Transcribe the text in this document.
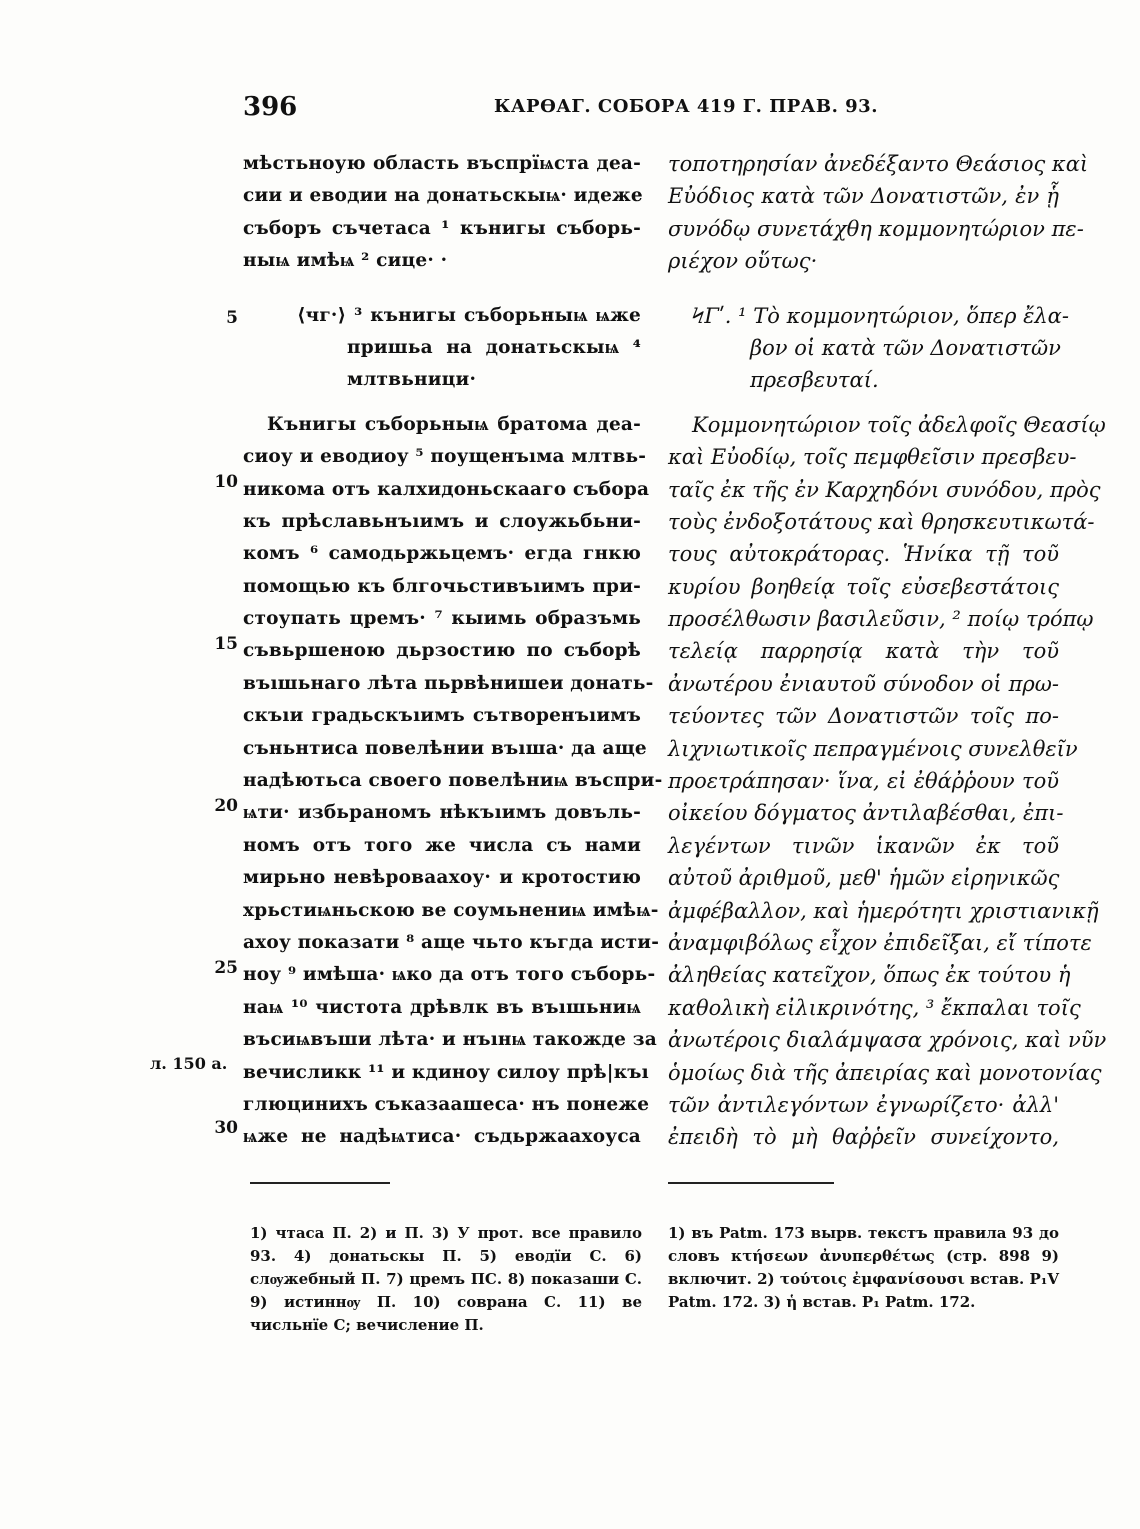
396	КАРѲАГ. СОБОРА 419 Г. ПРАВ. 93.
5
10
15
20
25
30
л. 150 а.
мѣстьноую область въспрїѩста деа-
сии и еводии на донатьскыѩ· идеже
съборъ съчетаса ¹ кънигы съборь-
ныѩ имѣѩ ² сице· ·
⟨чг·⟩ ³ кънигы съборьныѩ ѩже
пришьа на донатьскыѩ ⁴
млтвьници·
Кънигы съборьныѩ братома деа-
сиоу и еводиоу ⁵ поущенъıма млтвь-
никома отъ калхидоньскааго събора
къ прѣславьнъıимъ и слоужьбьни-
комъ ⁶ самодьржьцемъ· егда гнкю
помощью къ блгочьстивъıимъ при-
стоупать цремъ· ⁷ кыимь образъмь
съвьршеною дьрзостию по съборѣ
въıшьнаго лѣта пьрвѣнишеи донать-
скъıи градьскъıимъ сътворенъıимъ
съньнтиса повелѣнии въıша· да аще
надѣютьса своего повелѣниѩ въспри-
ѩти· избьраномъ нѣкъıимъ довъль-
номъ отъ того же числа съ нами
мирьно невѣроваахоу· и кротостию
хрьстиѩньскою ве соумьнениѩ имѣѩ-
ахоу показати ⁸ аще чьто къгда исти-
ноу ⁹ имѣша· ѩко да отъ того съборь-
наѩ ¹⁰ чистота дрѣвлк въ въıшьниѩ
въсиѩвъши лѣта· и нъıнѩ такожде за
вечисликк ¹¹ и кдиноу силоу прѣ|къı
глюцинихъ съказаашеса· нъ понеже
ѩже не надѣѩтиса· съдьржаахоуса
τοποτηρησίαν ἀνεδέξαντο Θεάσιος καὶ
Εὐόδιος κατὰ τῶν Δονατιστῶν, ἐν ᾗ
συνόδῳ συνετάχθη κομμονητώριον πε-
ριέχον οὕτως·
ϞΓʹ. ¹ Τὸ κομμονητώριον, ὅπερ ἔλα-
βον οἱ κατὰ τῶν Δονατιστῶν
πρεσβευταί.
Κομμονητώριον τοῖς ἀδελφοῖς Θεασίῳ
καὶ Εὐοδίῳ, τοῖς πεμφθεῖσιν πρεσβευ-
ταῖς ἐκ τῆς ἐν Καρχηδόνι συνόδου, πρὸς
τοὺς ἐνδοξοτάτους καὶ θρησκευτικωτά-
τους αὐτοκράτορας. Ἡνίκα τῇ τοῦ
κυρίου βοηθείᾳ τοῖς εὐσεβεστάτοις
προσέλθωσιν βασιλεῦσιν, ² ποίῳ τρόπῳ
τελείᾳ παρρησίᾳ κατὰ τὴν τοῦ
ἀνωτέρου ἐνιαυτοῦ σύνοδον οἱ πρω-
τεύοντες τῶν Δονατιστῶν τοῖς πο-
λιχνιωτικοῖς πεπραγμένοις συνελθεῖν
προετράπησαν· ἵνα, εἰ ἐθάῤῥουν τοῦ
οἰκείου δόγματος ἀντιλαβέσθαι, ἐπι-
λεγέντων τινῶν ἱκανῶν ἐκ τοῦ
αὐτοῦ ἀριθμοῦ, μεθ' ἡμῶν εἰρηνικῶς
ἀμφέβαλλον, καὶ ἡμερότητι χριστιανικῇ
ἀναμφιβόλως εἶχον ἐπιδεῖξαι, εἴ τίποτε
ἀληθείας κατεῖχον, ὅπως ἐκ τούτου ἡ
καθολικὴ εἰλικρινότης, ³ ἔκπαλαι τοῖς
ἀνωτέροις διαλάμψασα χρόνοις, καὶ νῦν
ὁμοίως διὰ τῆς ἀπειρίας καὶ μονοτονίας
τῶν ἀντιλεγόντων ἐγνωρίζετο· ἀλλ'
ἐπειδὴ τὸ μὴ θαῤῥεῖν συνείχοντο,

1) чтаса П. 2) и П. 3) У прот. все правило 93. 4) донатьскы П. 5) еводїи С. 6) слѹжебный П. 7) цремъ ПС. 8) показаши С. 9) истиннѹ П. 10) соврана С. 11) ве числьнїе С; вечисление П.

1) въ Patm. 173 вырв. текстъ правила 93 до словъ κτήσεων ἀνυπερθέτως (стр. 898 9) включит. 2) τούτοις ἐμφανίσουσι встав. P₁V Patm. 172. 3) ἡ встав. P₁ Patm. 172.
